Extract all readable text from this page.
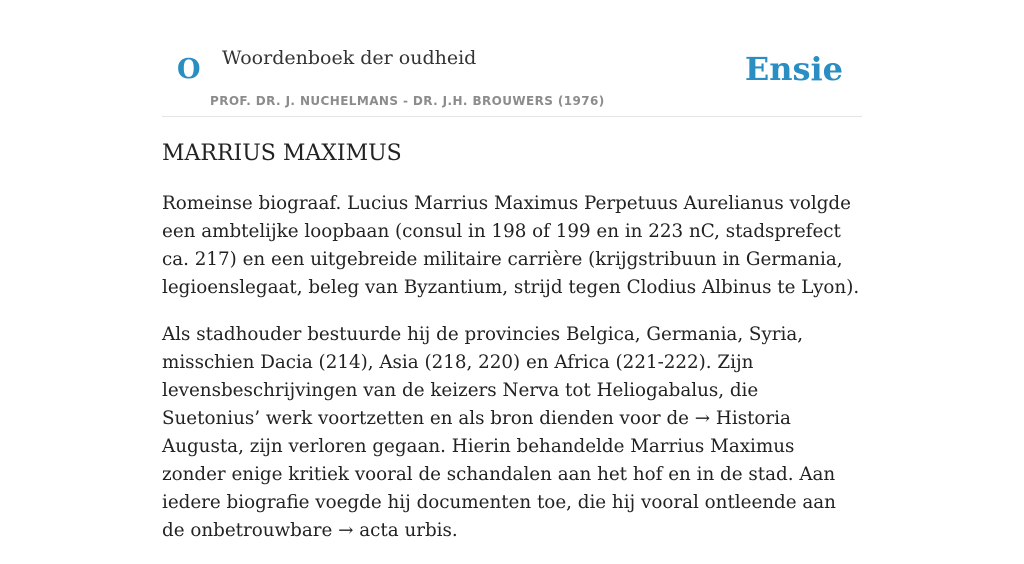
O Woordenboek der oudheid
PROF. DR. J. NUCHELMANS - DR. J.H. BROUWERS (1976)
Ensie
MARRIUS MAXIMUS

Romeinse biograaf. Lucius Marrius Maximus Perpetuus Aurelianus volgde een ambtelijke loopbaan (consul in 198 of 199 en in 223 nC, stadsprefect ca. 217) en een uitgebreide militaire carrière (krijgstribuun in Germania, legioenslegaat, beleg van Byzantium, strijd tegen Clodius Albinus te Lyon).

Als stadhouder bestuurde hij de provincies Belgica, Germania, Syria, misschien Dacia (214), Asia (218, 220) en Africa (221-222). Zijn levensbeschrijvingen van de keizers Nerva tot Heliogabalus, die Suetonius’ werk voortzetten en als bron dienden voor de → Historia Augusta, zijn verloren gegaan. Hierin behandelde Marrius Maximus zonder enige kritiek vooral de schandalen aan het hof en in de stad. Aan iedere biografie voegde hij documenten toe, die hij vooral ontleende aan de onbetrouwbare → acta urbis.
